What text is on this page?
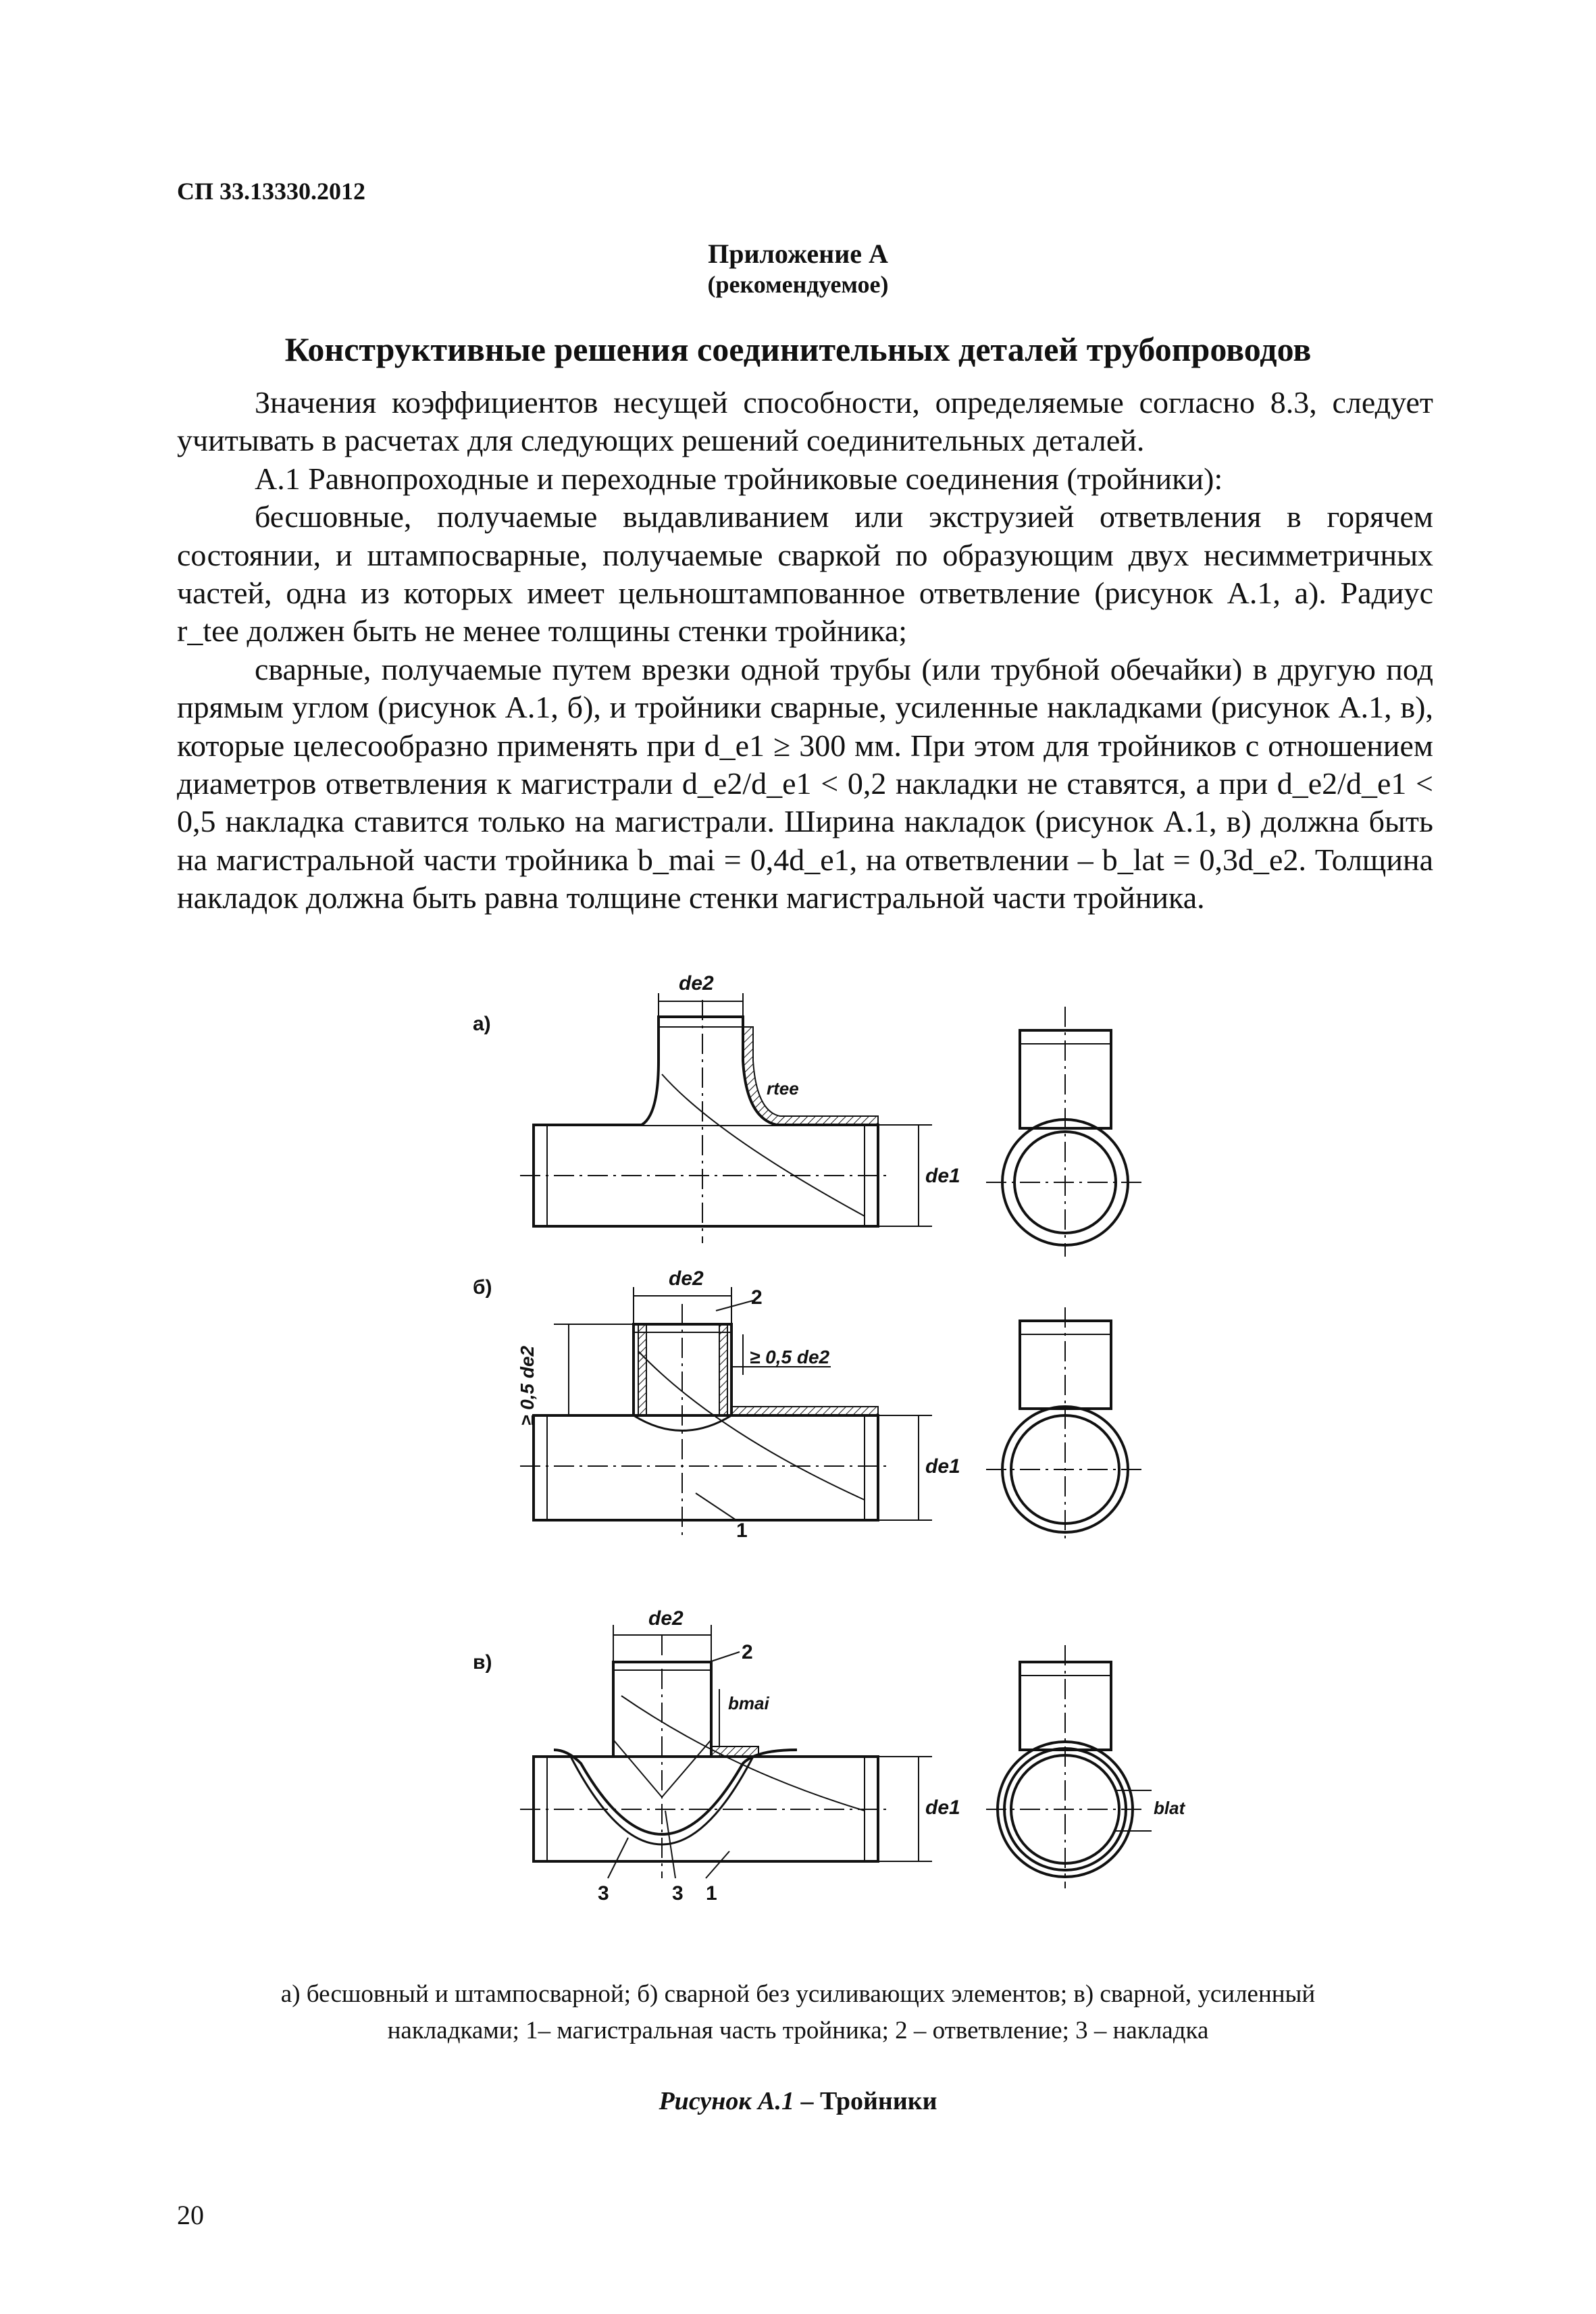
СП 33.13330.2012
Приложение А
(рекомендуемое)
Конструктивные решения соединительных деталей трубопроводов

Значения коэффициентов несущей способности, определяемые согласно 8.3, следует учитывать в расчетах для следующих решений соединительных деталей.

А.1 Равнопроходные и переходные тройниковые соединения (тройники):

бесшовные, получаемые выдавливанием или экструзией ответвления в горячем состоянии, и штампосварные, получаемые сваркой по образующим двух несимметричных частей, одна из которых имеет цельноштампованное ответвление (рисунок А.1, а). Радиус r_tee должен быть не менее толщины стенки тройника;

сварные, получаемые путем врезки одной трубы (или трубной обечайки) в другую под прямым углом (рисунок А.1, б), и тройники сварные, усиленные накладками (рисунок А.1, в), которые целесообразно применять при d_e1 ≥ 300 мм. При этом для тройников с отношением диаметров ответвления к магистрали d_e2/d_e1 < 0,2 накладки не ставятся, а при d_e2/d_e1 < 0,5 накладка ставится только на магистрали. Ширина накладок (рисунок А.1, в) должна быть на магистральной части тройника b_mai = 0,4d_e1, на ответвлении – b_lat = 0,3d_e2. Толщина накладок должна быть равна толщине стенки магистральной части тройника.

а)
de2
rtee
de1
б)	de2
2
≥ 0,5 de2
≥ 0,5 de2
de1
1
в)
de2
2
bmai
de1	blat
3	3 1
а) бесшовный и штампосварной; б) сварной без усиливающих элементов; в) сварной, усиленный
накладками; 1– магистральная часть тройника; 2 – ответвление; 3 – накладка
Рисунок А.1 – Тройники
20
